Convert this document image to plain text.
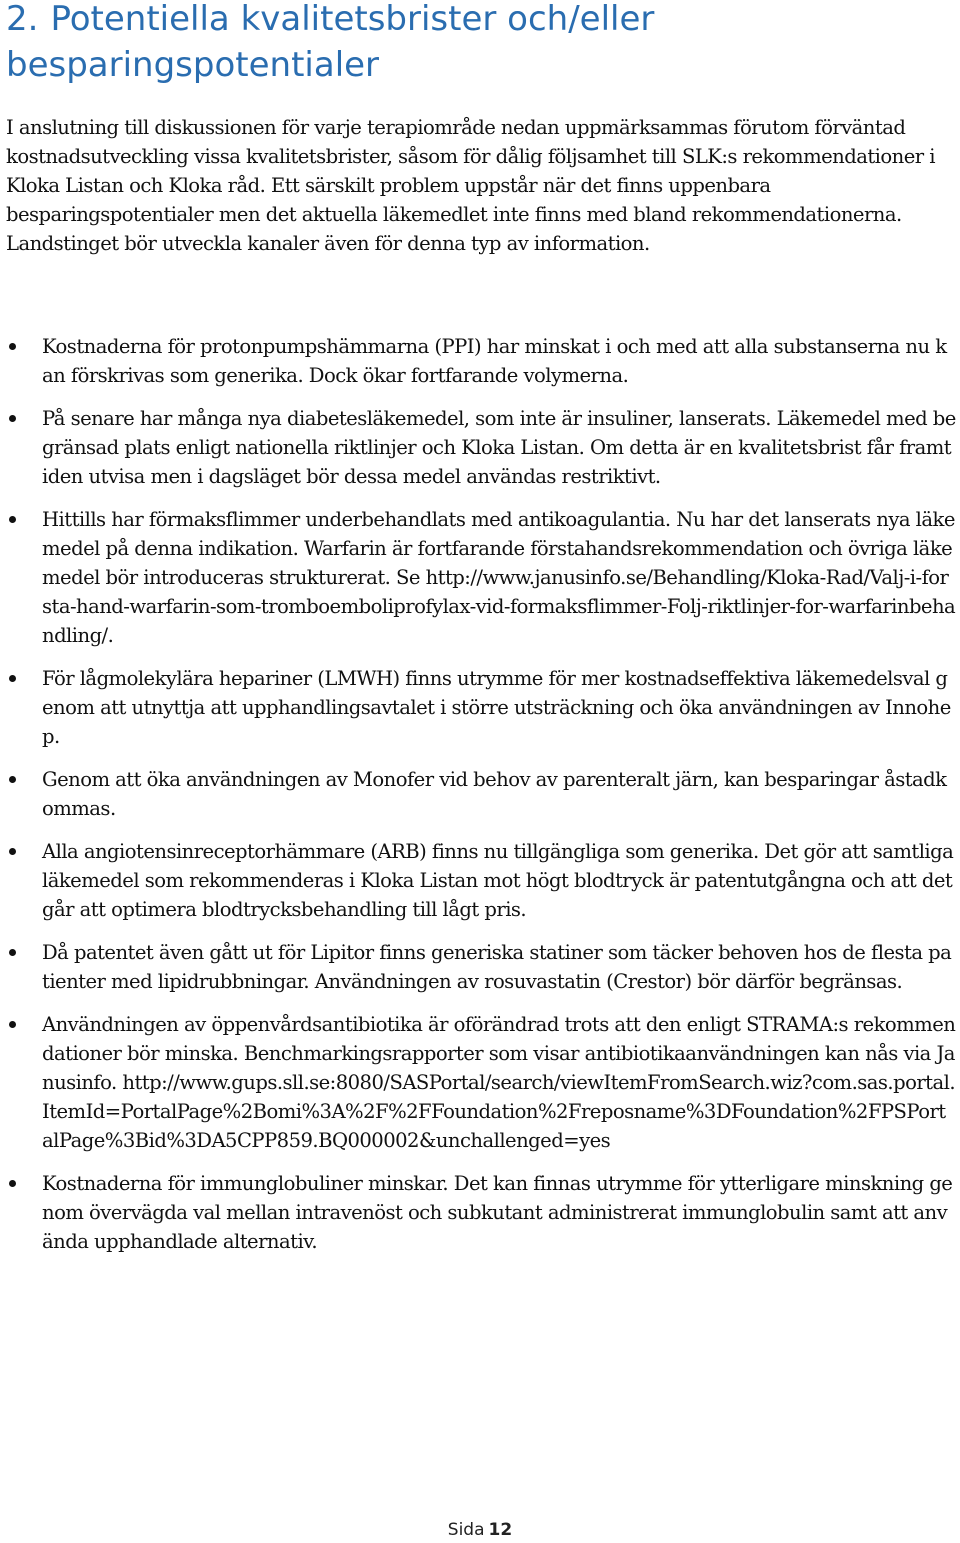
2. Potentiella kvalitetsbrister och/eller besparingspotentialer

I anslutning till diskussionen för varje terapiområde nedan uppmärksammas förutom förväntad kostnadsutveckling vissa kvalitetsbrister, såsom för dålig följsamhet till SLK:s rekommendationer i Kloka Listan och Kloka råd. Ett särskilt problem uppstår när det finns uppenbara besparingspotentialer men det aktuella läkemedlet inte finns med bland rekommendationerna. Landstinget bör utveckla kanaler även för denna typ av information.

Kostnaderna för protonpumpshämmarna (PPI) har minskat i och med att alla substanserna nu kan förskrivas som generika. Dock ökar fortfarande volymerna.
På senare har många nya diabetesläkemedel, som inte är insuliner, lanserats. Läkemedel med begränsad plats enligt nationella riktlinjer och Kloka Listan. Om detta är en kvalitetsbrist får framtiden utvisa men i dagsläget bör dessa medel användas restriktivt.
Hittills har förmaksflimmer underbehandlats med antikoagulantia. Nu har det lanserats nya läkemedel på denna indikation. Warfarin är fortfarande förstahandsrekommendation och övriga läkemedel bör introduceras strukturerat. Se http://www.janusinfo.se/Behandling/Kloka-Rad/Valj-i-forsta-hand-warfarin-som-tromboemboliprofylax-vid-formaksflimmer-Folj-riktlinjer-for-warfarinbehandling/.
För lågmolekylära hepariner (LMWH) finns utrymme för mer kostnadseffektiva läkemedelsval genom att utnyttja att upphandlingsavtalet i större utsträckning och öka användningen av Innohep.
Genom att öka användningen av Monofer vid behov av parenteralt järn, kan besparingar åstadkommas.
Alla angiotensinreceptorhämmare (ARB) finns nu tillgängliga som generika. Det gör att samtliga läkemedel som rekommenderas i Kloka Listan mot högt blodtryck är patentutgångna och att det går att optimera blodtrycksbehandling till lågt pris.
Då patentet även gått ut för Lipitor finns generiska statiner som täcker behoven hos de flesta patienter med lipidrubbningar. Användningen av rosuvastatin (Crestor) bör därför begränsas.
Användningen av öppenvårdsantibiotika är oförändrad trots att den enligt STRAMA:s rekommendationer bör minska. Benchmarkingsrapporter som visar antibiotikaanvändningen kan nås via Janusinfo. http://www.gups.sll.se:8080/SASPortal/search/viewItemFromSearch.wiz?com.sas.portal.ItemId=PortalPage%2Bomi%3A%2F%2FFoundation%2Freposname%3DFoundation%2FPSPortalPage%3Bid%3DA5CPP859.BQ000002&unchallenged=yes
Kostnaderna för immunglobuliner minskar. Det kan finnas utrymme för ytterligare minskning genom övervägda val mellan intravenöst och subkutant administrerat immunglobulin samt att använda upphandlade alternativ.
Sida 12
